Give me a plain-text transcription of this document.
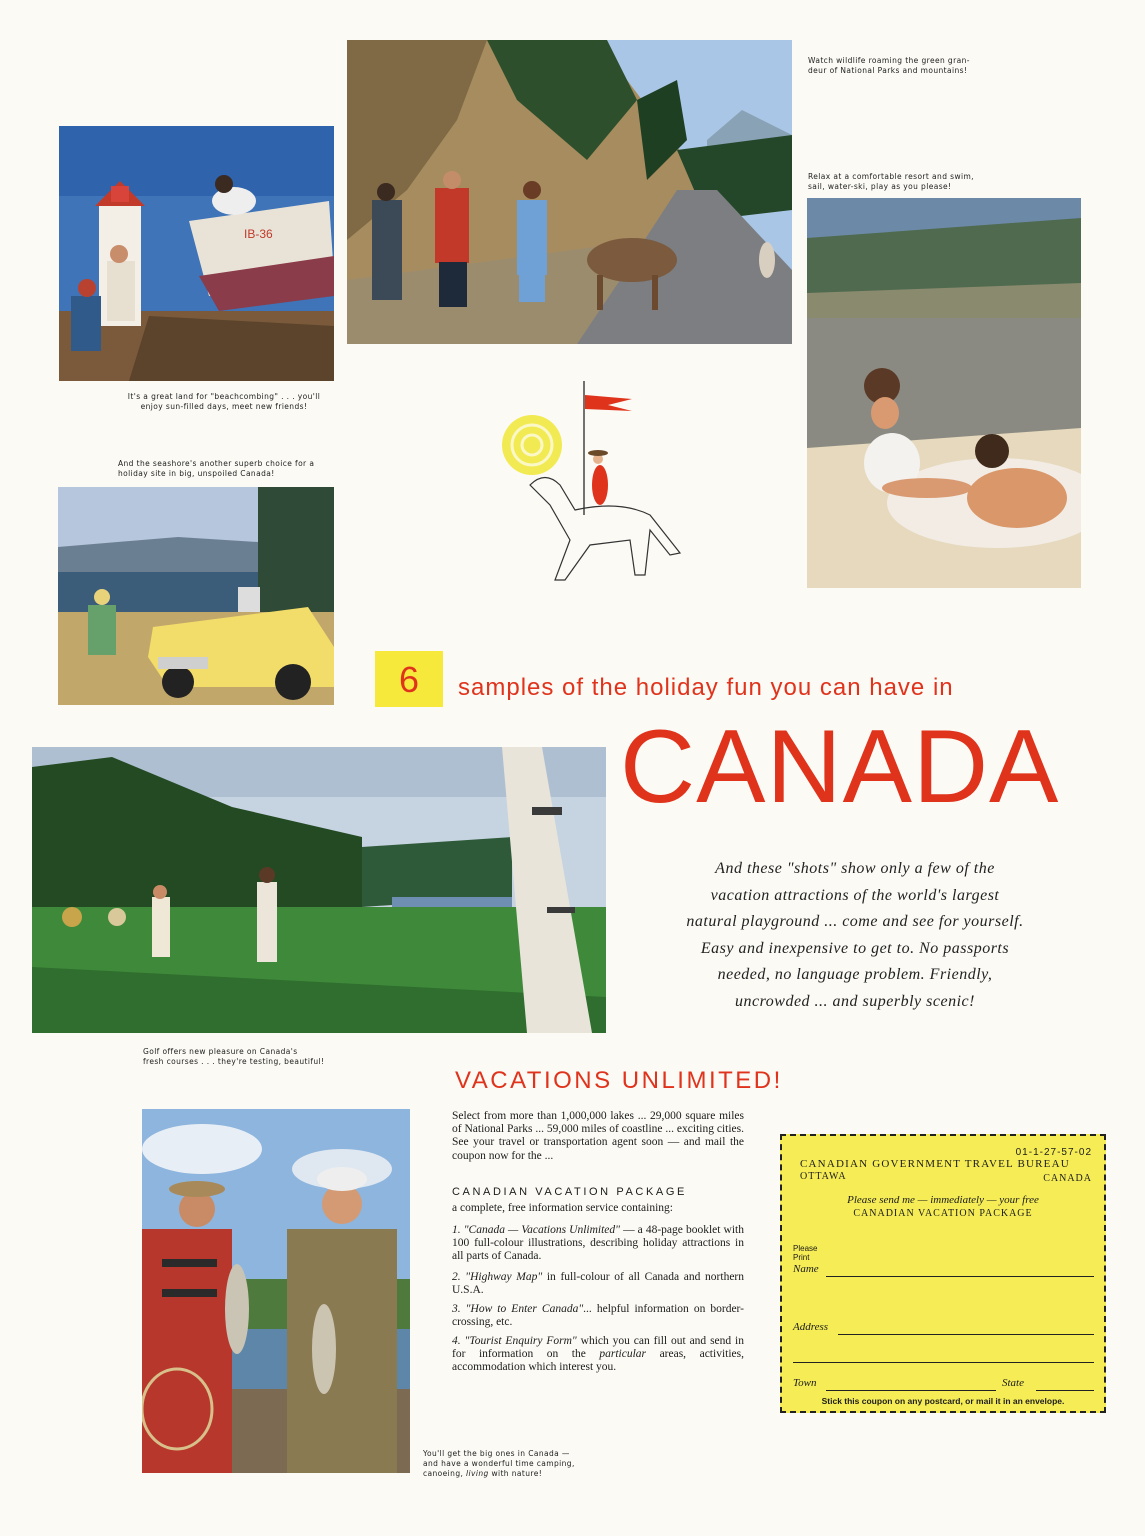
IB-36
It's a great land for "beachcombing" . . . you'll
enjoy sun-filled days, meet new friends!
Watch wildlife roaming the green gran-
deur of National Parks and mountains!
Relax at a comfortable resort and swim,
sail, water-ski, play as you please!
And the seashore's another superb choice for a
holiday site in big, unspoiled Canada!
6	samples of the holiday fun you can have in
CANADA
Golf offers new pleasure on Canada's
fresh courses . . . they're testing, beautiful!
And these "shots" show only a few of the
vacation attractions of the world's largest
natural playground ... come and see for yourself.
Easy and inexpensive to get to. No passports
needed, no language problem. Friendly,
uncrowded ... and superbly scenic!
VACATIONS UNLIMITED!
Select from more than 1,000,000 lakes ... 29,000 square miles of National Parks ... 59,000 miles of coastline ... exciting cities. See your travel or transportation agent soon — and mail the coupon now for the ...
CANADIAN VACATION PACKAGE
a complete, free information service containing:
1. "Canada — Vacations Unlimited" — a 48-page booklet with 100 full-colour illustrations, describing holiday attractions in all parts of Canada.
2. "Highway Map" in full-colour of all Canada and northern U.S.A.
3. "How to Enter Canada"... helpful information on border-crossing, etc.
4. "Tourist Enquiry Form" which you can fill out and send in for information on the particular areas, activities, accommodation which interest you.
You'll get the big ones in Canada —
and have a wonderful time camping,
canoeing, living with nature!
01-1-27-57-02
CANADIAN GOVERNMENT TRAVEL BUREAU
OTTAWA	CANADA
Please send me — immediately — your free
CANADIAN VACATION PACKAGE
Please
Print
Name
Address
Town	State
Stick this coupon on any postcard, or mail it in an envelope.
